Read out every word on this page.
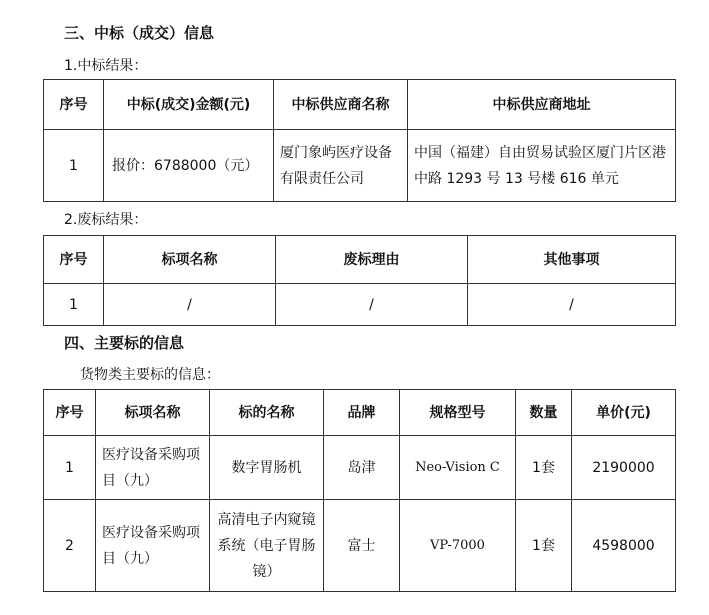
三、中标（成交）信息
1.中标结果：
序号	中标(成交)金额(元)	中标供应商名称	中标供应商地址
1	报价：6788000（元）	厦门象屿医疗设备有限责任公司	中国（福建）自由贸易试验区厦门片区港中路 1293 号 13 号楼 616 单元
2.废标结果：
序号	标项名称	废标理由	其他事项
1	/	/	/
四、主要标的信息
货物类主要标的信息：
序号	标项名称	标的名称	品牌	规格型号	数量	单价(元)
1	医疗设备采购项目（九）	数字胃肠机	岛津	Neo-Vision C	1套	2190000
2	医疗设备采购项目（九）	高清电子内窥镜系统（电子胃肠镜）	富士	VP-7000	1套	4598000
